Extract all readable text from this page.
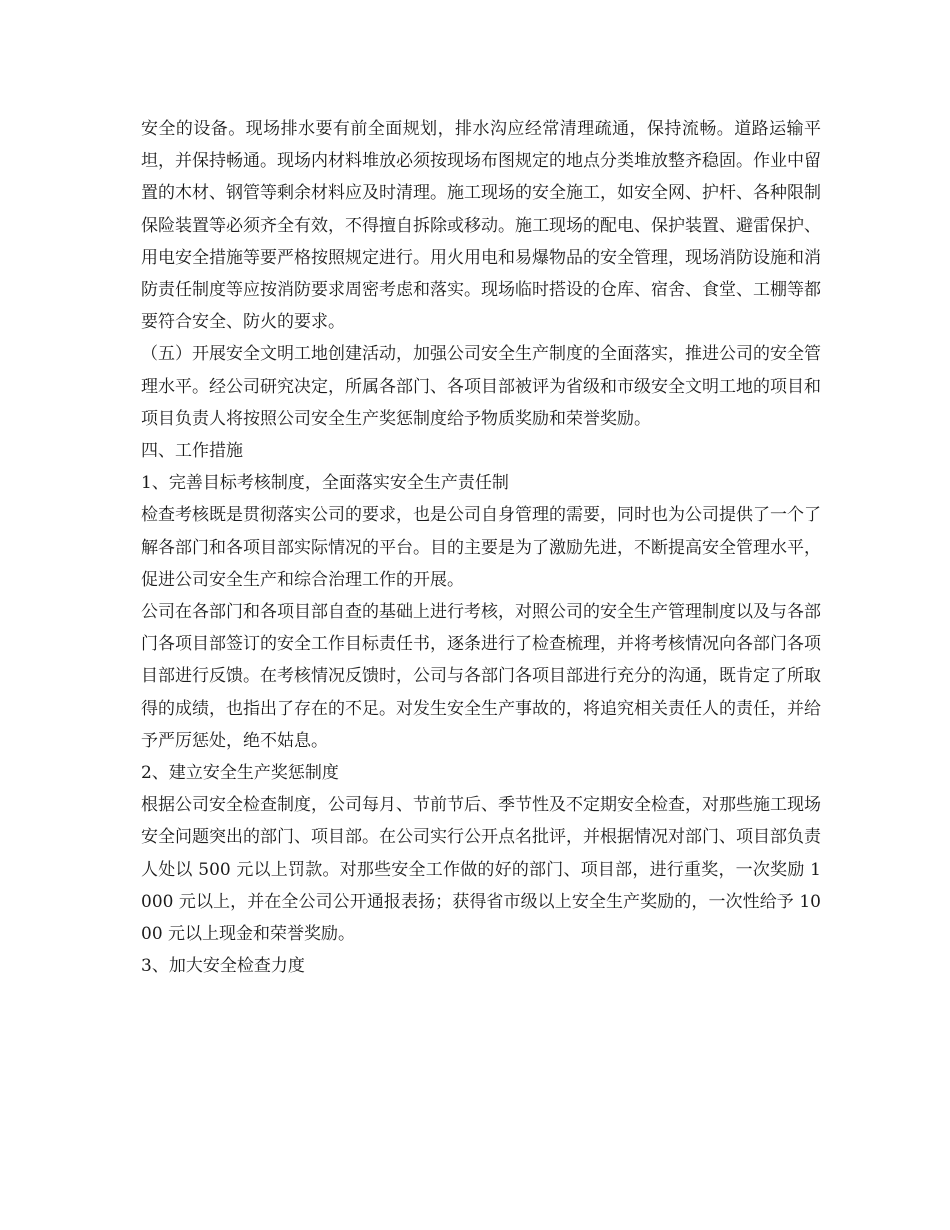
安全的设备。现场排水要有前全面规划，排水沟应经常清理疏通，保持流畅。道路运输平坦，并保持畅通。现场内材料堆放必须按现场布图规定的地点分类堆放整齐稳固。作业中留置的木材、钢管等剩余材料应及时清理。施工现场的安全施工，如安全网、护杆、各种限制保险装置等必须齐全有效，不得擅自拆除或移动。施工现场的配电、保护装置、避雷保护、用电安全措施等要严格按照规定进行。用火用电和易爆物品的安全管理，现场消防设施和消防责任制度等应按消防要求周密考虑和落实。现场临时搭设的仓库、宿舍、食堂、工棚等都要符合安全、防火的要求。

（五）开展安全文明工地创建活动，加强公司安全生产制度的全面落实，推进公司的安全管理水平。经公司研究决定，所属各部门、各项目部被评为省级和市级安全文明工地的项目和项目负责人将按照公司安全生产奖惩制度给予物质奖励和荣誉奖励。

四、工作措施

1、完善目标考核制度，全面落实安全生产责任制

检查考核既是贯彻落实公司的要求，也是公司自身管理的需要，同时也为公司提供了一个了解各部门和各项目部实际情况的平台。目的主要是为了激励先进，不断提高安全管理水平，促进公司安全生产和综合治理工作的开展。

公司在各部门和各项目部自查的基础上进行考核，对照公司的安全生产管理制度以及与各部门各项目部签订的安全工作目标责任书，逐条进行了检查梳理，并将考核情况向各部门各项目部进行反馈。在考核情况反馈时，公司与各部门各项目部进行充分的沟通，既肯定了所取得的成绩，也指出了存在的不足。对发生安全生产事故的，将追究相关责任人的责任，并给予严厉惩处，绝不姑息。

2、建立安全生产奖惩制度

根据公司安全检查制度，公司每月、节前节后、季节性及不定期安全检查，对那些施工现场安全问题突出的部门、项目部。在公司实行公开点名批评，并根据情况对部门、项目部负责人处以 500 元以上罚款。对那些安全工作做的好的部门、项目部，进行重奖，一次奖励 1000 元以上，并在全公司公开通报表扬；获得省市级以上安全生产奖励的，一次性给予 1000 元以上现金和荣誉奖励。

3、加大安全检查力度
